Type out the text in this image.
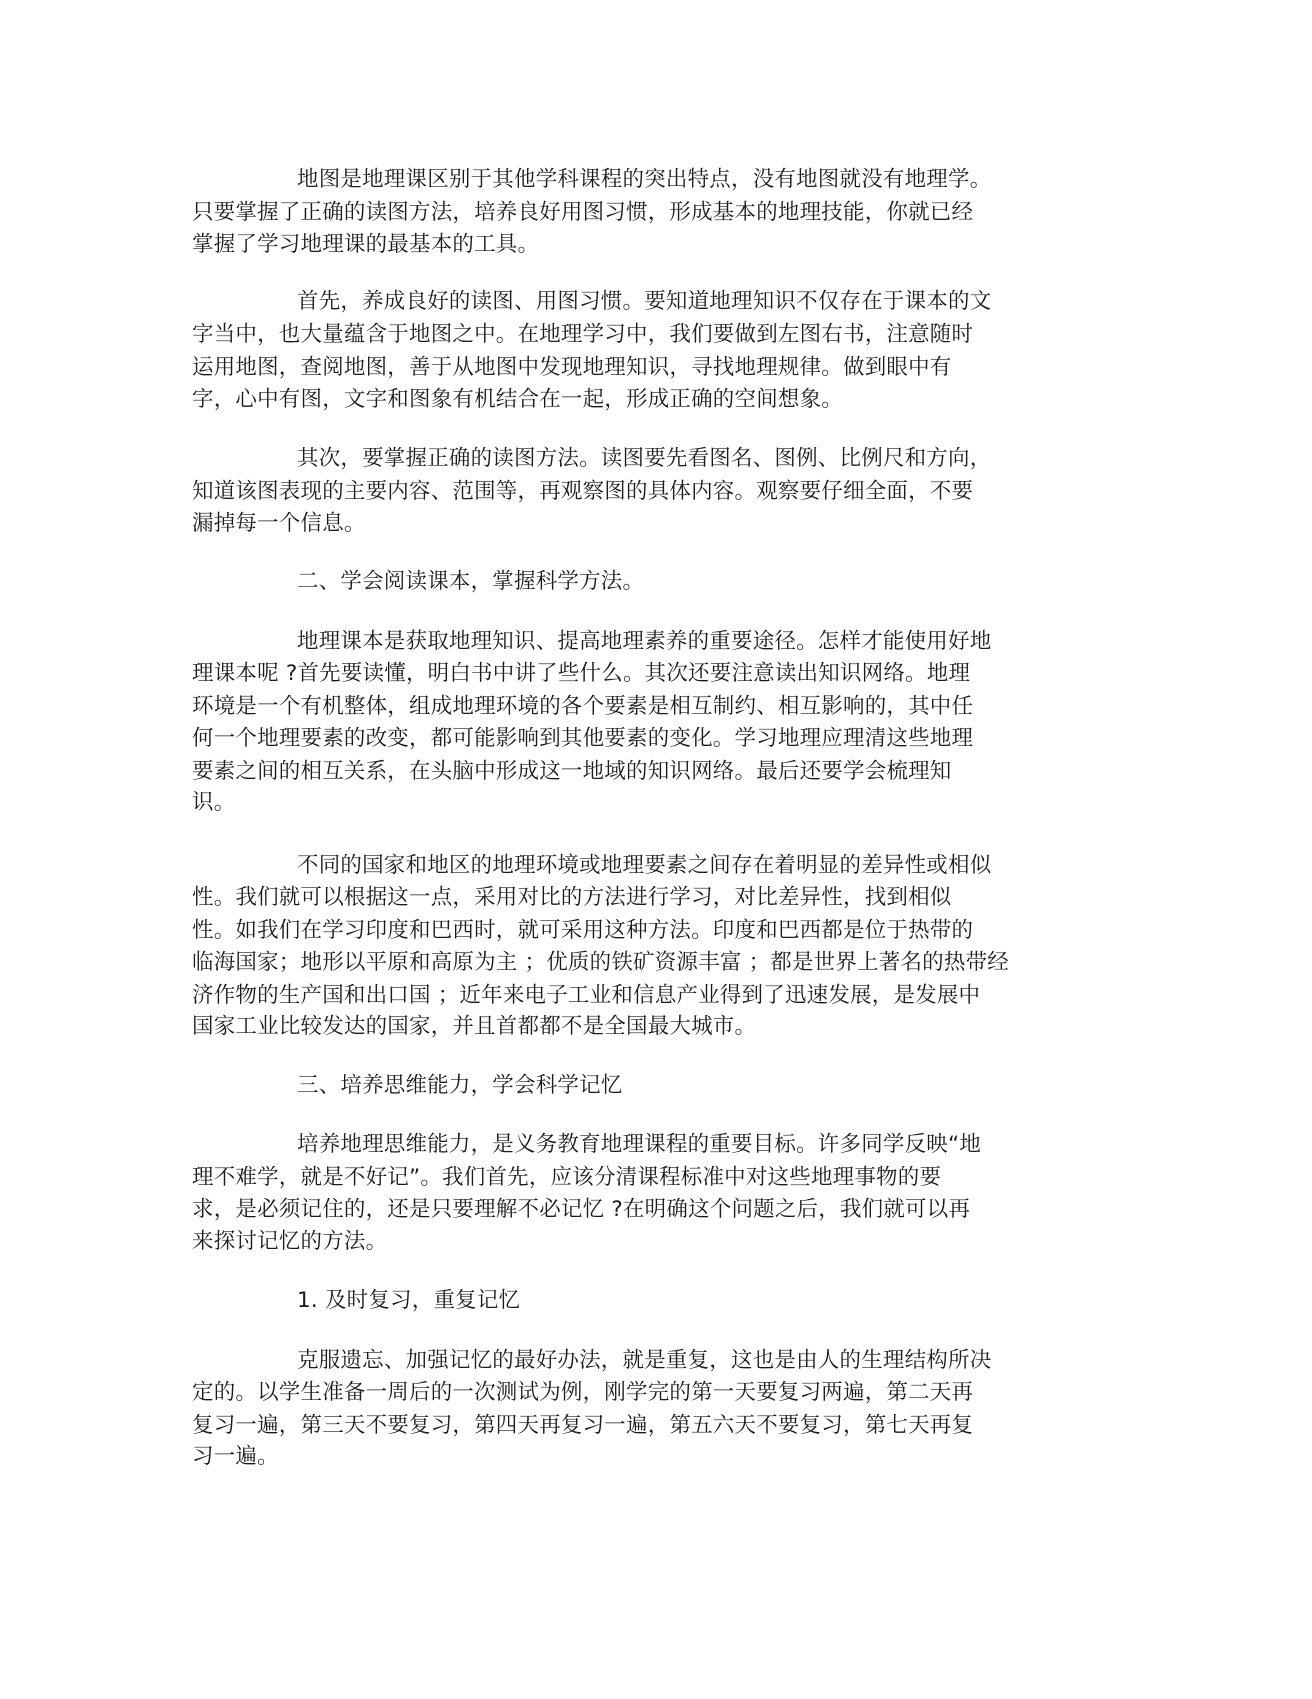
地图是地理课区别于其他学科课程的突出特点，没有地图就没有地理学。
只要掌握了正确的读图方法，培养良好用图习惯，形成基本的地理技能，你就已经
掌握了学习地理课的最基本的工具。
首先，养成良好的读图、用图习惯。要知道地理知识不仅存在于课本的文
字当中，也大量蕴含于地图之中。在地理学习中，我们要做到左图右书，注意随时
运用地图，查阅地图，善于从地图中发现地理知识，寻找地理规律。做到眼中有
字，心中有图，文字和图象有机结合在一起，形成正确的空间想象。
其次，要掌握正确的读图方法。读图要先看图名、图例、比例尺和方向，
知道该图表现的主要内容、范围等，再观察图的具体内容。观察要仔细全面，不要
漏掉每一个信息。
二、学会阅读课本，掌握科学方法。
地理课本是获取地理知识、提高地理素养的重要途径。怎样才能使用好地
理课本呢 ?首先要读懂，明白书中讲了些什么。其次还要注意读出知识网络。地理
环境是一个有机整体，组成地理环境的各个要素是相互制约、相互影响的，其中任
何一个地理要素的改变，都可能影响到其他要素的变化。学习地理应理清这些地理
要素之间的相互关系，在头脑中形成这一地域的知识网络。最后还要学会梳理知
识。
不同的国家和地区的地理环境或地理要素之间存在着明显的差异性或相似
性。我们就可以根据这一点，采用对比的方法进行学习，对比差异性，找到相似
性。如我们在学习印度和巴西时，就可采用这种方法。印度和巴西都是位于热带的
临海国家；地形以平原和高原为主 ；优质的铁矿资源丰富 ；都是世界上著名的热带经
济作物的生产国和出口国 ；近年来电子工业和信息产业得到了迅速发展，是发展中
国家工业比较发达的国家，并且首都都不是全国最大城市。
三、培养思维能力，学会科学记忆
培养地理思维能力，是义务教育地理课程的重要目标。许多同学反映“地
理不难学，就是不好记”。我们首先，应该分清课程标准中对这些地理事物的要
求，是必须记住的，还是只要理解不必记忆 ?在明确这个问题之后，我们就可以再
来探讨记忆的方法。
1. 及时复习，重复记忆
克服遗忘、加强记忆的最好办法，就是重复，这也是由人的生理结构所决
定的。以学生准备一周后的一次测试为例，刚学完的第一天要复习两遍，第二天再
复习一遍，第三天不要复习，第四天再复习一遍，第五六天不要复习，第七天再复
习一遍。
